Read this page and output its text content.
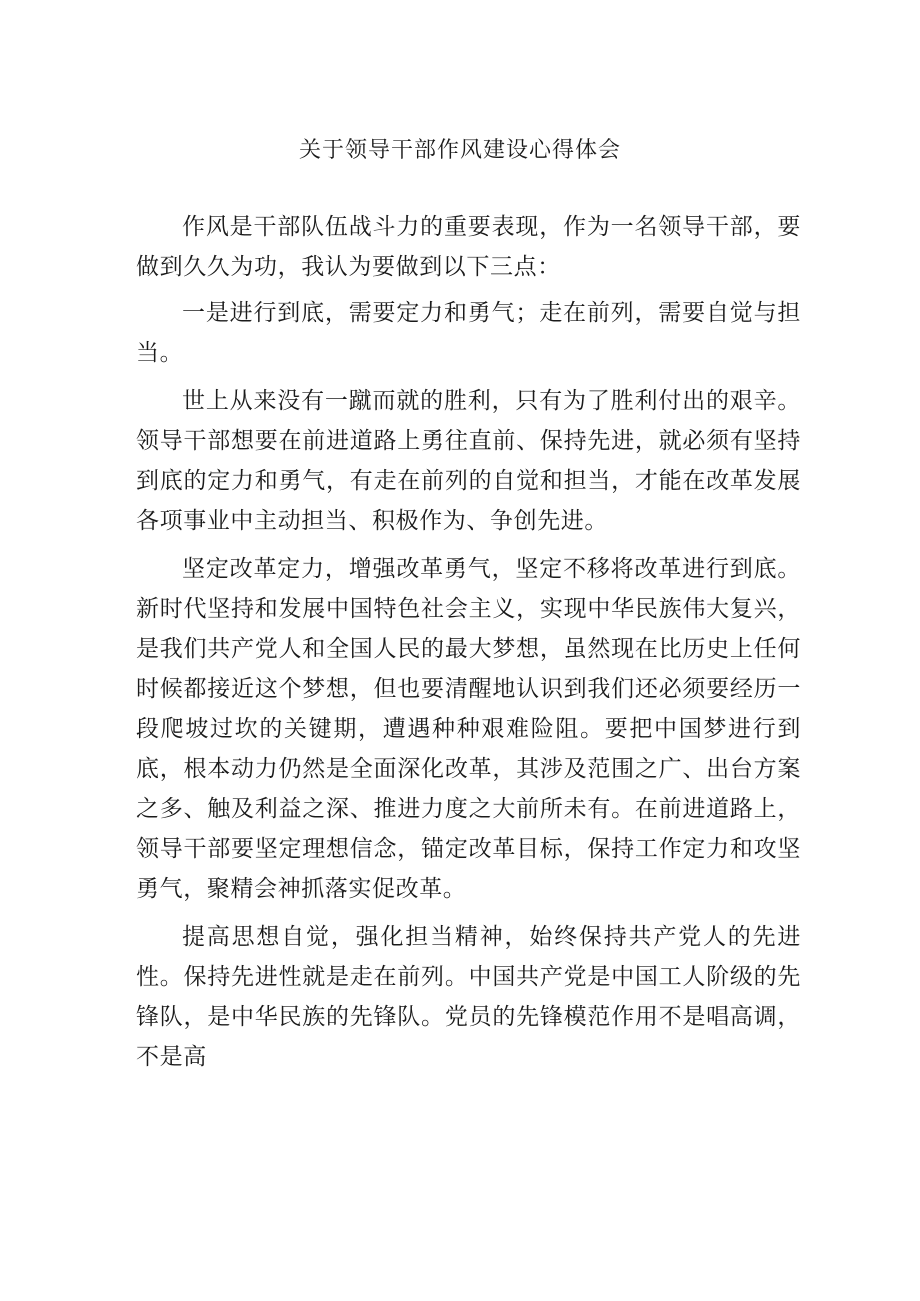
关于领导干部作风建设心得体会

作风是干部队伍战斗力的重要表现，作为一名领导干部，要做到久久为功，我认为要做到以下三点：

一是进行到底，需要定力和勇气；走在前列，需要自觉与担当。

世上从来没有一蹴而就的胜利，只有为了胜利付出的艰辛。领导干部想要在前进道路上勇往直前、保持先进，就必须有坚持到底的定力和勇气，有走在前列的自觉和担当，才能在改革发展各项事业中主动担当、积极作为、争创先进。

坚定改革定力，增强改革勇气，坚定不移将改革进行到底。新时代坚持和发展中国特色社会主义，实现中华民族伟大复兴，是我们共产党人和全国人民的最大梦想，虽然现在比历史上任何时候都接近这个梦想，但也要清醒地认识到我们还必须要经历一段爬坡过坎的关键期，遭遇种种艰难险阻。要把中国梦进行到底，根本动力仍然是全面深化改革，其涉及范围之广、出台方案之多、触及利益之深、推进力度之大前所未有。在前进道路上，领导干部要坚定理想信念，锚定改革目标，保持工作定力和攻坚勇气，聚精会神抓落实促改革。

提高思想自觉，强化担当精神，始终保持共产党人的先进性。保持先进性就是走在前列。中国共产党是中国工人阶级的先锋队，是中华民族的先锋队。党员的先锋模范作用不是唱高调，不是高
